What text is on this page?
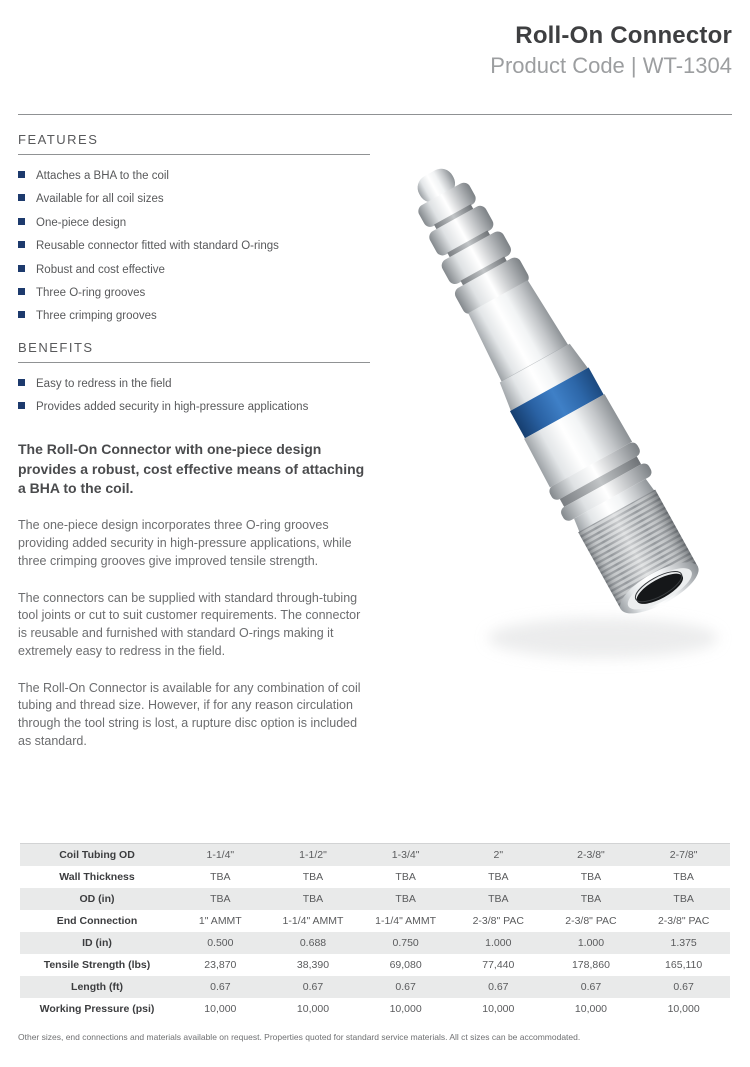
Roll-On Connector
Product Code | WT-1304
FEATURES
Attaches a BHA to the coil
Available for all coil sizes
One-piece design
Reusable connector fitted with standard O-rings
Robust and cost effective
Three O-ring grooves
Three crimping grooves
BENEFITS
Easy to redress in the field
Provides added security in high-pressure applications

The Roll-On Connector with one-piece design provides a robust, cost effective means of attaching a BHA to the coil.

The one-piece design incorporates three O-ring grooves providing added security in high-pressure applications, while three crimping grooves give improved tensile strength.

The connectors can be supplied with standard through-tubing tool joints or cut to suit customer requirements. The connector is reusable and furnished with standard O-rings making it extremely easy to redress in the field.

The Roll-On Connector is available for any combination of coil tubing and thread size. However, if for any reason circulation through the tool string is lost, a rupture disc option is included as standard.

Coil Tubing OD	1-1/4"	1-1/2"	1-3/4"	2"	2-3/8"	2-7/8"
Wall Thickness	TBA	TBA	TBA	TBA	TBA	TBA
OD (in)	TBA	TBA	TBA	TBA	TBA	TBA
End Connection	1" AMMT	1-1/4" AMMT	1-1/4" AMMT	2-3/8" PAC	2-3/8" PAC	2-3/8" PAC
ID (in)	0.500	0.688	0.750	1.000	1.000	1.375
Tensile Strength (lbs)	23,870	38,390	69,080	77,440	178,860	165,110
Length (ft)	0.67	0.67	0.67	0.67	0.67	0.67
Working Pressure (psi)	10,000	10,000	10,000	10,000	10,000	10,000
Other sizes, end connections and materials available on request. Properties quoted for standard service materials. All ct sizes can be accommodated.
